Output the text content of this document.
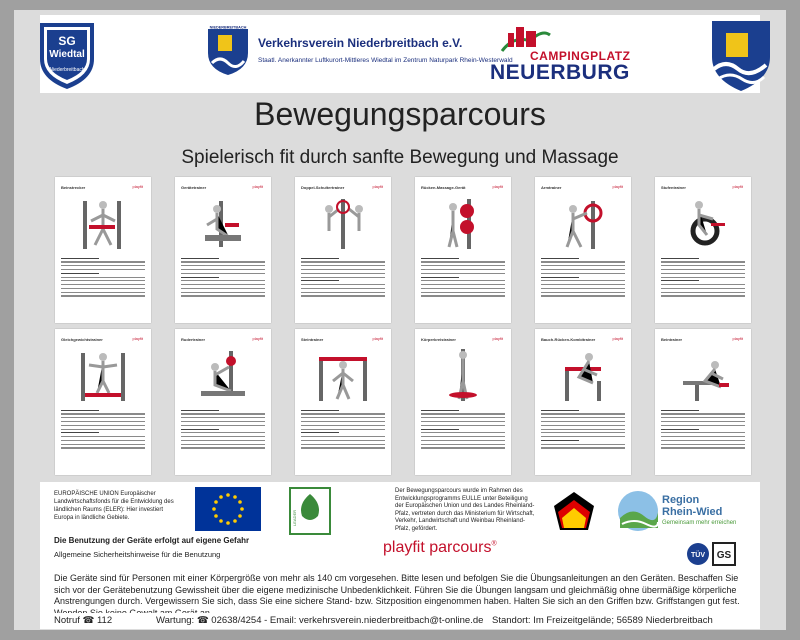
SG
Wiedtal
Niederbreitbach
NIEDERBREITBACH
Verkehrsverein Niederbreitbach e.V.
Staatl. Anerkannter Luftkurort-Mittleres Wiedtal im Zentrum Naturpark Rhein-Westerwald CAMPINGPLATZ
NEUERBURG
Bewegungsparcours
Spielerisch fit durch sanfte Bewegung und Massage
Beinstrecker	playfit	Gerätetrainer	playfit	Doppel-Schultertrainer	playfit	Rücken-Massage-Gerät	playfit	Armtrainer	playfit	Stufentrainer	playfit
Gleichgewichtstrainer	playfit	Rudertrainer	playfit	Steintrainer	playfit	Körperkreistrainer	playfit	Bauch-Rücken-Kombitrainer	playfit	Beintrainer	playfit
EUROPÄISCHE UNION Europäischer Landwirtschaftsfonds für die Entwicklung des ländlichen Raums (ELER): Hier investiert Europa in ländliche Gebiete.	LEADER
Der Bewegungsparcours wurde im Rahmen des Entwicklungsprogramms EULLE unter Beteiligung der Europäischen Union und des Landes Rheinland-Pfalz, vertreten durch das Ministerium für Wirtschaft, Verkehr, Landwirtschaft und Weinbau Rheinland-Pfalz, gefördert.
Region
Rhein-Wied
Gemeinsam mehr erreichen
Die Benutzung der Geräte erfolgt auf eigene Gefahr
Allgemeine Sicherheitshinweise für die Benutzung	playfit parcours®
TÜV GS
Die Geräte sind für Personen mit einer Körpergröße von mehr als 140 cm vorgesehen. Bitte lesen und befolgen Sie die Übungsanleitungen an den Geräten. Beschaffen Sie sich vor der Gerätebenutzung Gewissheit über die eigene medizinische Unbedenklichkeit. Führen Sie die Übungen langsam und gleichmäßig ohne übermäßige körperliche Anstrengungen durch. Vergewissern Sie sich, dass Sie eine sichere Stand- bzw. Sitzposition eingenommen haben. Halten Sie sich an den Griffen bzw. Griffstangen gut fest.
Notruf ☎ 112	Wartung: ☎ 02638/4254 - Email: verkehrsverein.niederbreitbach@t-online.de Standort: Im Freizeitgelände; 56589 Niederbreitbach
